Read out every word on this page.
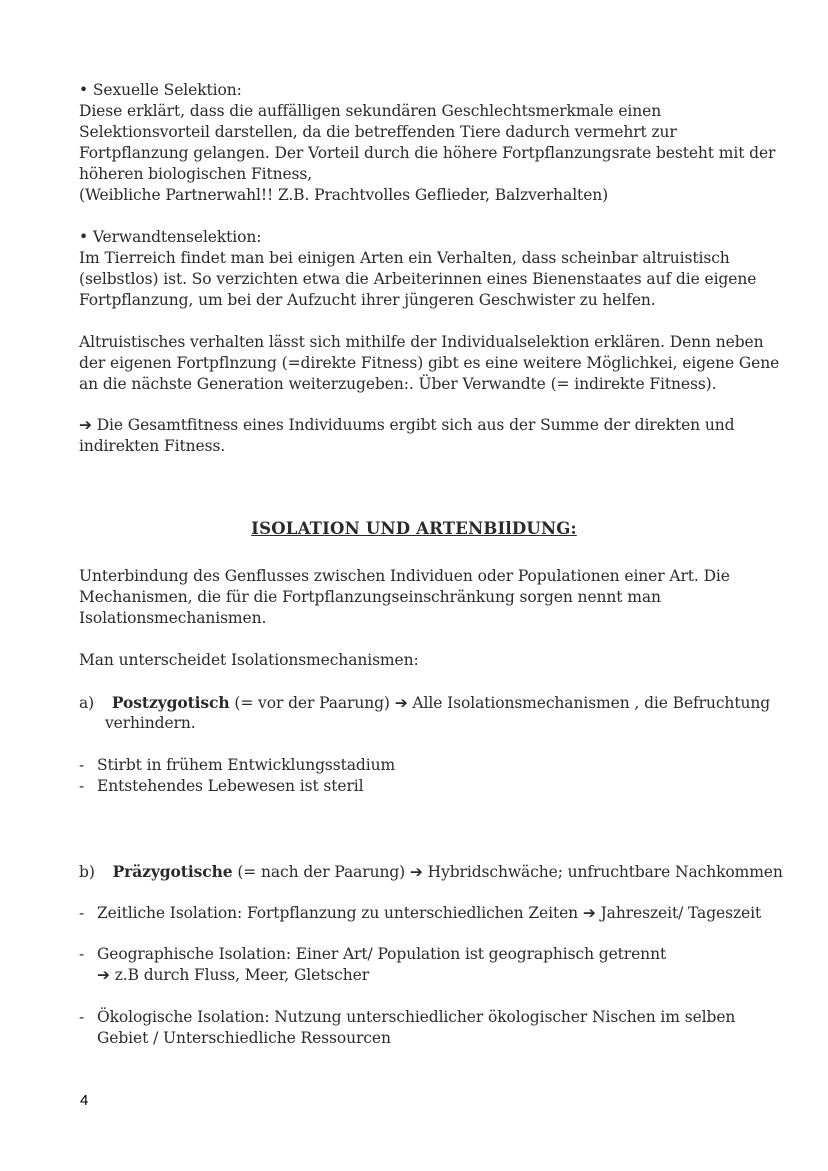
• Sexuelle Selektion:
Diese erklärt, dass die auffälligen sekundären Geschlechtsmerkmale einen
Selektionsvorteil darstellen, da die betreffenden Tiere dadurch vermehrt zur
Fortpflanzung gelangen. Der Vorteil durch die höhere Fortpflanzungsrate besteht mit der
höheren biologischen Fitness,
(Weibliche Partnerwahl!! Z.B. Prachtvolles Geflieder, Balzverhalten)
• Verwandtenselektion:
Im Tierreich findet man bei einigen Arten ein Verhalten, dass scheinbar altruistisch
(selbstlos) ist. So verzichten etwa die Arbeiterinnen eines Bienenstaates auf die eigene
Fortpflanzung, um bei der Aufzucht ihrer jüngeren Geschwister zu helfen.
Altruistisches verhalten lässt sich mithilfe der Individualselektion erklären. Denn neben
der eigenen Fortpflnzung (=direkte Fitness) gibt es eine weitere Möglichkei, eigene Gene
an die nächste Generation weiterzugeben:. Über Verwandte (= indirekte Fitness).
➔ Die Gesamtfitness eines Individuums ergibt sich aus der Summe der direkten und
indirekten Fitness.
ISOLATION UND ARTENBIlDUNG:
Unterbindung des Genflusses zwischen Individuen oder Populationen einer Art. Die
Mechanismen, die für die Fortpflanzungseinschränkung sorgen nennt man
Isolationsmechanismen.
Man unterscheidet Isolationsmechanismen:
a) Postzygotisch (= vor der Paarung) ➔ Alle Isolationsmechanismen , die Befruchtung
verhindern.
- Stirbt in frühem Entwicklungsstadium
- Entstehendes Lebewesen ist steril
b) Präzygotische (= nach der Paarung) ➔ Hybridschwäche; unfruchtbare Nachkommen
- Zeitliche Isolation: Fortpflanzung zu unterschiedlichen Zeiten ➔ Jahreszeit/ Tageszeit
- Geographische Isolation: Einer Art/ Population ist geographisch getrennt
➔ z.B durch Fluss, Meer, Gletscher
- Ökologische Isolation: Nutzung unterschiedlicher ökologischer Nischen im selben
Gebiet / Unterschiedliche Ressourcen
4
